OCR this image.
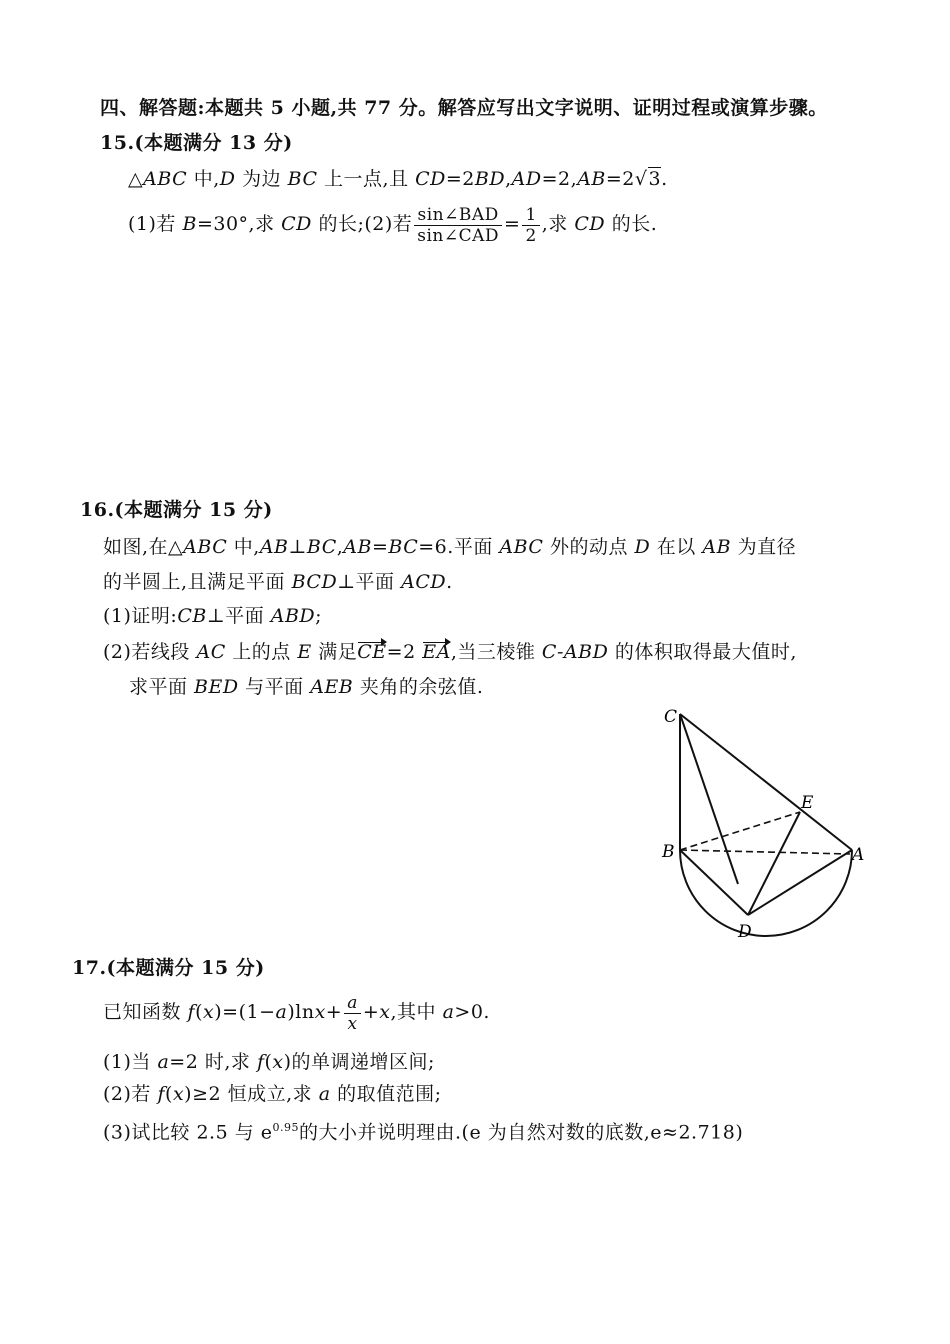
四、解答题:本题共 5 小题,共 77 分。解答应写出文字说明、证明过程或演算步骤。
15.(本题满分 13 分)
△ABC 中,D 为边 BC 上一点,且 CD=2BD,AD=2,AB=2√3.
(1)若 B=30°,求 CD 的长;(2)若 $\frac{\text{sin∠BAD}}{\text{sin∠CAD}} = \frac{1}{2}$ ,求 CD 的长.
16.(本题满分 15 分)
如图,在△ABC 中,AB⊥BC,AB=BC=6.平面 ABC 外的动点 D 在以 AB 为直径
的半圆上,且满足平面 BCD⊥平面 ACD.
(1)证明:CB⊥平面 ABD;
(2)若线段 AC 上的点 E 满足CE=2 EA,当三棱锥 C-ABD 的体积取得最大值时,
求平面 BED 与平面 AEB 夹角的余弦值.
C
E
B	A
D
17.(本题满分 15 分)
已知函数 $f(x)=(1-a)\ln x+ \frac{a}{x} +x$,其中 a>0.
(1)当 a=2 时,求 f(x)的单调递增区间;
(2)若 f(x)≥2 恒成立,求 a 的取值范围;
(3)试比较 2.5 与 $e^{0.95}$的大小并说明理由.(e 为自然对数的底数,e≈2.718)
